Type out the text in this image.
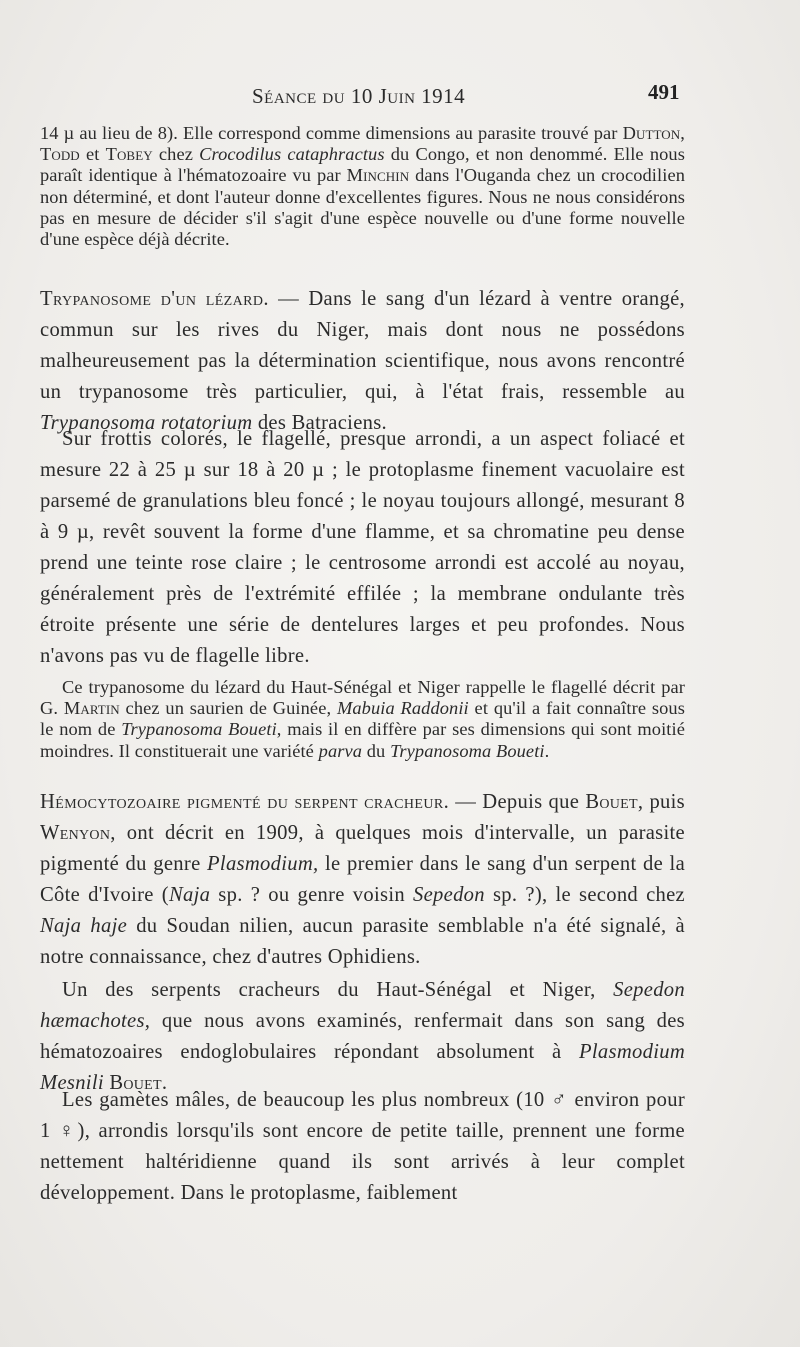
Séance du 10 Juin 1914	491

14 µ au lieu de 8). Elle correspond comme dimensions au parasite trouvé par Dutton, Todd et Tobey chez Crocodilus cataphractus du Congo, et non denommé. Elle nous paraît identique à l'hématozoaire vu par Minchin dans l'Ouganda chez un crocodilien non déterminé, et dont l'auteur donne d'excellentes figures. Nous ne nous considérons pas en mesure de décider s'il s'agit d'une espèce nouvelle ou d'une forme nouvelle d'une espèce déjà décrite.

Trypanosome d'un lézard. — Dans le sang d'un lézard à ventre orangé, commun sur les rives du Niger, mais dont nous ne possédons malheureusement pas la détermination scientifique, nous avons rencontré un trypanosome très particulier, qui, à l'état frais, ressemble au Trypanosoma rotatorium des Batraciens.

Sur frottis colorés, le flagellé, presque arrondi, a un aspect foliacé et mesure 22 à 25 µ sur 18 à 20 µ ; le protoplasme finement vacuolaire est parsemé de granulations bleu foncé ; le noyau toujours allongé, mesurant 8 à 9 µ, revêt souvent la forme d'une flamme, et sa chromatine peu dense prend une teinte rose claire ; le centrosome arrondi est accolé au noyau, généralement près de l'extrémité effilée ; la membrane ondulante très étroite présente une série de dentelures larges et peu profondes. Nous n'avons pas vu de flagelle libre.

Ce trypanosome du lézard du Haut-Sénégal et Niger rappelle le flagellé décrit par G. Martin chez un saurien de Guinée, Mabuia Raddonii et qu'il a fait connaître sous le nom de Trypanosoma Boueti, mais il en diffère par ses dimensions qui sont moitié moindres. Il constituerait une variété parva du Trypanosoma Boueti.

Hémocytozoaire pigmenté du serpent cracheur. — Depuis que Bouet, puis Wenyon, ont décrit en 1909, à quelques mois d'intervalle, un parasite pigmenté du genre Plasmodium, le premier dans le sang d'un serpent de la Côte d'Ivoire (Naja sp. ? ou genre voisin Sepedon sp. ?), le second chez Naja haje du Soudan nilien, aucun parasite semblable n'a été signalé, à notre connaissance, chez d'autres Ophidiens.

Un des serpents cracheurs du Haut-Sénégal et Niger, Sepedon hæmachotes, que nous avons examinés, renfermait dans son sang des hématozoaires endoglobulaires répondant absolument à Plasmodium Mesnili Bouet.

Les gamètes mâles, de beaucoup les plus nombreux (10 ♂ environ pour 1 ♀), arrondis lorsqu'ils sont encore de petite taille, prennent une forme nettement haltéridienne quand ils sont arrivés à leur complet développement. Dans le protoplasme, faiblement
